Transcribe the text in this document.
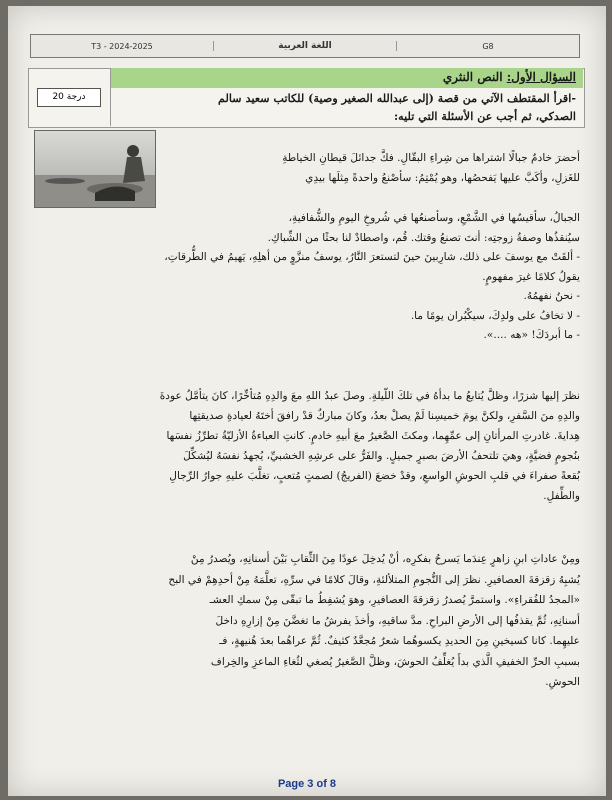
T3 - 2024-2025	اللغة العربية	G8
20 درجة
السؤال الأول: النص النثري
-اقرأ المقتطف الآتي من قصة (إلى عبدالله الصغير وصية) للكاتب سعيد سالم
الصدكي، ثم أجب عن الأسئلة التي تليه:
أحضرَ خادمٌ جبالًا اشتراها من شِراءِ البقّالِ. فكَّ جدائلَ قيطانِ الخياطةِ
للغَزلِ، وأكَبَّ عليها يَفحصُها، وهو يُمْتِمُ: سأصْنعُ واحدةً مِثلَها بيدِي
الجبالُ، سأقيسُها في الشَّمْعِ، وسأصنعُها في شُروخِ اليومِ والشُّفافيةِ،
سيُنقذُها وصفةُ زوجتِه: أنتَ تصنعُ وقتك. قُم، واصطادْ لنا بحثًا من الشِّباكِ.
- ألقَتْ مع يوسفَ على ذلك، شارِبينَ حينَ لتستعرَ النَّارُ، يوسفُ منزَّوٍ من أهلِهِ، يَهيمُ في الطُّرقاتِ،
يقولُ كلامًا غيرَ مفهومٍ.
- نحنُ نفهمُهُ.
- لا تخافُ على ولدِكَ، سيكْبُران يومًا ما.
- ما أبردَكَ! «هه ....».
نظرَ إليها شزرًا، وظلَّ يُتابعُ ما بدأهُ في تلكَ اللّيلةِ. وصلَ عبدُ اللهِ معَ والدِهِ مُتأخِّرًا، كانَ يتأمَّلُ عودةَ
والدِهِ منَ السَّفرِ، ولكنَّ يومَ خميسِنا لَمْ يصلْ بعدُ، وكانَ مباركٌ قدْ رافقَ أختَهُ لعيادةِ صديقتِها
هِدايةَ. غادرتِ المرأتانِ إلى عمِّهِما، ومكثَ الصَّغيرُ معَ أبيهِ خادمٍ. كانتِ العباءةُ الأزليّةُ تطرِّزُ نفسَها
بنُجومٍ فضيَّةٍ، وهيَ تلتحفُ الأرضَ بصبرٍ جميلٍ. والفَرُّ على عرشِهِ الخشبيِّ، يُجهدُ نفسَهُ ليُشكِّلَ
بُقعةً صفراءَ في قلبِ الحوشِ الواسعِ، وقدْ خضعَ (الفريجُ) لصمتٍ مُتعبٍ، تغلَّبَ عليهِ جوارُ الرِّجالِ
والطِّفلِ.
ومِنْ عاداتِ ابنِ زاهرٍ عِندَما يَسرحُ بفكرِه، أنْ يُدخِلَ عودًا مِنَ الثِّقابِ بَيْنَ أسنانِهِ، ويُصدرُ مِنْ
يُشبِهُ زقزقةَ العصافيرِ. نظرَ إلى النُّجومِ المتلألئةِ، وقالَ كلامًا في سرِّهِ، تعلَّمَهُ مِنْ أحدِهِمْ في البح
«المجدُ للفُقراءِ». واستمرَّ يُصدرُ زقزقةَ العصافيرِ، وهوَ يُشفِطُ ما تبقّى مِنْ سمكِ العشـ
أسنانِهِ، ثُمَّ يقذفُها إلى الأرضِ البراحِ. مدَّ ساقيهِ، وأخذَ يفرشُ ما تغضَّنَ مِنْ إزارِهِ داخلَ
عليهِما. كانا كسيخينِ مِنَ الحديدِ يكسوهُما شعرٌ مُجعَّدٌ كثيفٌ. ثُمَّ عراهُما بعدَ هُنيهةٍ، فـ
بسببِ الحرِّ الخفيفِ الَّذي بدأَ يُغلِّفُ الحوشَ، وظلَّ الصَّغيرُ يُصغي لثُغاءِ الماعزِ والخِراف
الحوشِ.
Page 3 of 8
